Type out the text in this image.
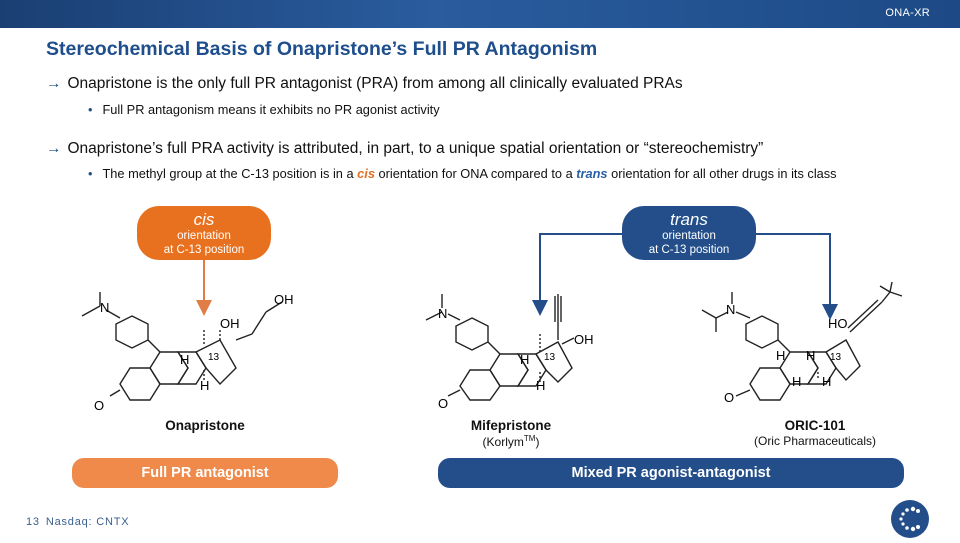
ONA-XR
Stereochemical Basis of Onapristone’s Full PR Antagonism
→ Onapristone is the only full PR antagonist (PRA) from among all clinically evaluated PRAs
• Full PR antagonism means it exhibits no PR agonist activity
→ Onapristone’s full PRA activity is attributed, in part, to a unique spatial orientation or “stereochemistry”
• The methyl group at the C-13 position is in a cis orientation for ONA compared to a trans orientation for all other drugs in its class
cis
orientation
at C-13 position
trans
orientation
at C-13 position
N
OH
OH
H 13
H
O
N
OH
H 13
H
O
N
HO
H H 13
H H
O
Onapristone	Mifepristone
(Korlym™)
ORIC-101
(Oric Pharmaceuticals)
Full PR antagonist	Mixed PR agonist-antagonist
13 Nasdaq: CNTX
